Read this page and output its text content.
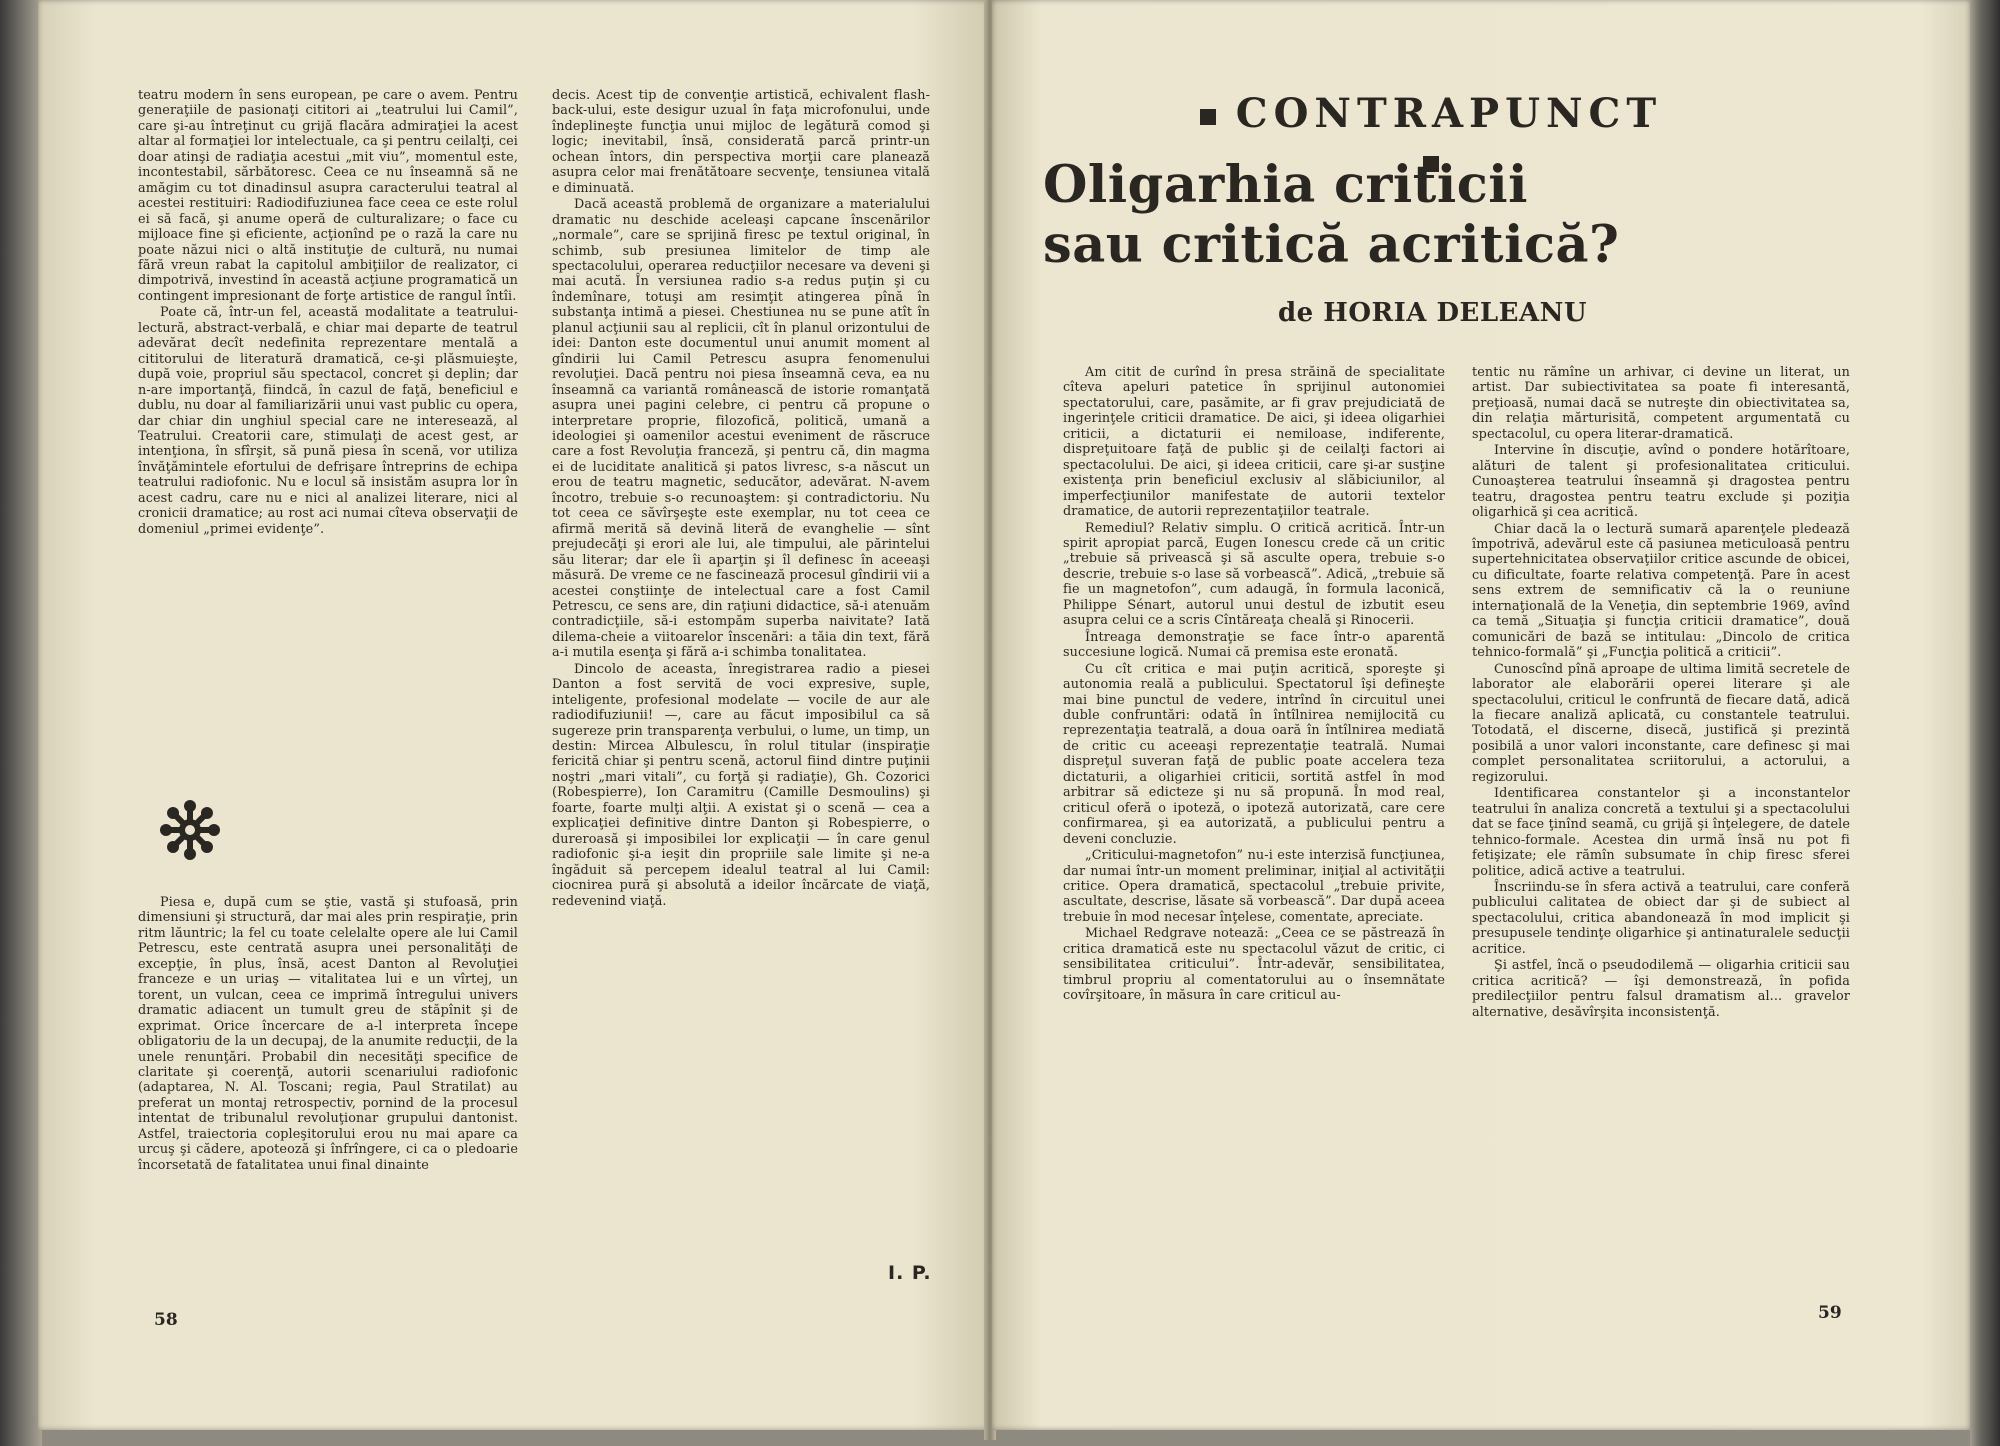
teatru modern în sens european, pe care o avem. Pentru generaţiile de pasionaţi cititori ai „teatrului lui Camil”, care şi-au întreţinut cu grijă flacăra admiraţiei la acest altar al formaţiei lor intelectuale, ca şi pentru ceilalţi, cei doar atinşi de radiaţia acestui „mit viu”, momentul este, incontestabil, sărbătoresc. Ceea ce nu înseamnă să ne amăgim cu tot dinadinsul asupra caracterului teatral al acestei restituiri: Radiodifuziunea face ceea ce este rolul ei să facă, şi anume operă de culturalizare; o face cu mijloace fine şi eficiente, acţionînd pe o rază la care nu poate năzui nici o altă instituţie de cultură, nu numai fără vreun rabat la capitolul ambiţiilor de realizator, ci dimpotrivă, investind în această acţiune programatică un contingent impresionant de forţe artistice de rangul întîi.

Poate că, într-un fel, această modalitate a teatrului-lectură, abstract-verbală, e chiar mai departe de teatrul adevărat decît nedefinita reprezentare mentală a cititorului de literatură dramatică, ce-şi plăsmuieşte, după voie, propriul său spectacol, concret şi deplin; dar n-are importanţă, fiindcă, în cazul de faţă, beneficiul e dublu, nu doar al familiarizării unui vast public cu opera, dar chiar din unghiul special care ne interesează, al Teatrului. Creatorii care, stimulaţi de acest gest, ar intenţiona, în sfîrşit, să pună piesa în scenă, vor utiliza învăţămintele efortului de defrişare întreprins de echipa teatrului radiofonic. Nu e locul să insistăm asupra lor în acest cadru, care nu e nici al analizei literare, nici al cronicii dramatice; au rost aci numai cîteva observaţii de domeniul „primei evidenţe”.

Piesa e, după cum se ştie, vastă şi stufoasă, prin dimensiuni şi structură, dar mai ales prin respiraţie, prin ritm lăuntric; la fel cu toate celelalte opere ale lui Camil Petrescu, este centrată asupra unei personalităţi de excepţie, în plus, însă, acest Danton al Revoluţiei franceze e un uriaş — vitalitatea lui e un vîrtej, un torent, un vulcan, ceea ce imprimă întregului univers dramatic adiacent un tumult greu de stăpînit şi de exprimat. Orice încercare de a-l interpreta începe obligatoriu de la un decupaj, de la anumite reducţii, de la unele renunţări. Probabil din necesităţi specifice de claritate şi coerenţă, autorii scenariului radiofonic (adaptarea, N. Al. Toscani; regia, Paul Stratilat) au preferat un montaj retrospectiv, pornind de la procesul intentat de tribunalul revoluţionar grupului dantonist. Astfel, traiectoria copleşitorului erou nu mai apare ca urcuş şi cădere, apoteoză şi înfrîngere, ci ca o pledoarie încorsetată de fatalitatea unui final dinainte

decis. Acest tip de convenţie artistică, echivalent flash-back-ului, este desigur uzual în faţa microfonului, unde îndeplineşte funcţia unui mijloc de legătură comod şi logic; inevitabil, însă, considerată parcă printr-un ochean întors, din perspectiva morţii care planează asupra celor mai frenătătoare secvenţe, tensiunea vitală e diminuată.

Dacă această problemă de organizare a materialului dramatic nu deschide aceleaşi capcane înscenărilor „normale”, care se sprijină firesc pe textul original, în schimb, sub presiunea limitelor de timp ale spectacolului, operarea reducţiilor necesare va deveni şi mai acută. În versiunea radio s-a redus puţin şi cu îndemînare, totuşi am resimţit atingerea pînă în substanţa intimă a piesei. Chestiunea nu se pune atît în planul acţiunii sau al replicii, cît în planul orizontului de idei: Danton este documentul unui anumit moment al gîndirii lui Camil Petrescu asupra fenomenului revoluţiei. Dacă pentru noi piesa înseamnă ceva, ea nu înseamnă ca variantă românească de istorie romanţată asupra unei pagini celebre, ci pentru că propune o interpretare proprie, filozofică, politică, umană a ideologiei şi oamenilor acestui eveniment de răscruce care a fost Revoluţia franceză, şi pentru că, din magma ei de luciditate analitică şi patos livresc, s-a născut un erou de teatru magnetic, seducător, adevărat. N-avem încotro, trebuie s-o recunoaştem: şi contradictoriu. Nu tot ceea ce săvîrşeşte este exemplar, nu tot ceea ce afirmă merită să devină literă de evanghelie — sînt prejudecăţi şi erori ale lui, ale timpului, ale părintelui său literar; dar ele îi aparţin şi îl definesc în aceeaşi măsură. De vreme ce ne fascinează procesul gîndirii vii a acestei conştiinţe de intelectual care a fost Camil Petrescu, ce sens are, din raţiuni didactice, să-i atenuăm contradicţiile, să-i estompăm superba naivitate? Iată dilema-cheie a viitoarelor înscenări: a tăia din text, fără a-i mutila esenţa şi fără a-i schimba tonalitatea.

Dincolo de aceasta, înregistrarea radio a piesei Danton a fost servită de voci expresive, suple, inteligente, profesional modelate — vocile de aur ale radiodifuziunii! —, care au făcut imposibilul ca să sugereze prin transparenţa verbului, o lume, un timp, un destin: Mircea Albulescu, în rolul titular (inspiraţie fericită chiar şi pentru scenă, actorul fiind dintre puţinii noştri „mari vitali”, cu forţă şi radiaţie), Gh. Cozorici (Robespierre), Ion Caramitru (Camille Desmoulins) şi foarte, foarte mulţi alţii. A existat şi o scenă — cea a explicaţiei definitive dintre Danton şi Robespierre, o dureroasă şi imposibilei lor explicaţii — în care genul radiofonic şi-a ieşit din propriile sale limite şi ne-a îngăduit să percepem idealul teatral al lui Camil: ciocnirea pură şi absolută a ideilor încărcate de viaţă, redevenind viaţă.

I. P.
58
CONTRAPUNCT
Oligarhia criticii sau critică acritică?
de HORIA DELEANU

Am citit de curînd în presa străină de specialitate cîteva apeluri patetice în sprijinul autonomiei spectatorului, care, pasămite, ar fi grav prejudiciată de ingerinţele criticii dramatice. De aici, şi ideea oligarhiei criticii, a dictaturii ei nemiloase, indiferente, dispreţuitoare faţă de public şi de ceilalţi factori ai spectacolului. De aici, şi ideea criticii, care şi-ar susţine existenţa prin beneficiul exclusiv al slăbiciunilor, al imperfecţiunilor manifestate de autorii textelor dramatice, de autorii reprezentaţiilor teatrale.

Remediul? Relativ simplu. O critică acritică. Într-un spirit apropiat parcă, Eugen Ionescu crede că un critic „trebuie să privească şi să asculte opera, trebuie s-o descrie, trebuie s-o lase să vorbească”. Adică, „trebuie să fie un magnetofon”, cum adaugă, în formula laconică, Philippe Sénart, autorul unui destul de izbutit eseu asupra celui ce a scris Cîntăreaţa cheală şi Rinocerii.

Întreaga demonstraţie se face într-o aparentă succesiune logică. Numai că premisa este eronată.

Cu cît critica e mai puţin acritică, sporeşte şi autonomia reală a publicului. Spectatorul îşi defineşte mai bine punctul de vedere, intrînd în circuitul unei duble confruntări: odată în întîlnirea nemijlocită cu reprezentaţia teatrală, a doua oară în întîlnirea mediată de critic cu aceeaşi reprezentaţie teatrală. Numai dispreţul suveran faţă de public poate accelera teza dictaturii, a oligarhiei criticii, sortită astfel în mod arbitrar să edicteze şi nu să propună. În mod real, criticul oferă o ipoteză, o ipoteză autorizată, care cere confirmarea, şi ea autorizată, a publicului pentru a deveni concluzie.

„Criticului-magnetofon” nu-i este interzisă funcţiunea, dar numai într-un moment preliminar, iniţial al activităţii critice. Opera dramatică, spectacolul „trebuie privite, ascultate, descrise, lăsate să vorbească”. Dar după aceea trebuie în mod necesar înţelese, comentate, apreciate.

Michael Redgrave notează: „Ceea ce se păstrează în critica dramatică este nu spectacolul văzut de critic, ci sensibilitatea criticului”. Într-adevăr, sensibilitatea, timbrul propriu al comentatorului au o însemnătate covîrşitoare, în măsura în care criticul au-

tentic nu rămîne un arhivar, ci devine un literat, un artist. Dar subiectivitatea sa poate fi interesantă, preţioasă, numai dacă se nutreşte din obiectivitatea sa, din relaţia mărturisită, competent argumentată cu spectacolul, cu opera literar-dramatică.

Intervine în discuţie, avînd o pondere hotărîtoare, alături de talent şi profesionalitatea criticului. Cunoaşterea teatrului înseamnă şi dragostea pentru teatru, dragostea pentru teatru exclude şi poziţia oligarhică şi cea acritică.

Chiar dacă la o lectură sumară aparenţele pledează împotrivă, adevărul este că pasiunea meticuloasă pentru supertehnicitatea observaţiilor critice ascunde de obicei, cu dificultate, foarte relativa competenţă. Pare în acest sens extrem de semnificativ că la o reuniune internaţională de la Veneţia, din septembrie 1969, avînd ca temă „Situaţia şi funcţia criticii dramatice”, două comunicări de bază se intitulau: „Dincolo de critica tehnico-formală” şi „Funcţia politică a criticii”.

Cunoscînd pînă aproape de ultima limită secretele de laborator ale elaborării operei literare şi ale spectacolului, criticul le confruntă de fiecare dată, adică la fiecare analiză aplicată, cu constantele teatrului. Totodată, el discerne, disecă, justifică şi prezintă posibilă a unor valori inconstante, care definesc şi mai complet personalitatea scriitorului, a actorului, a regizorului.

Identificarea constantelor şi a inconstantelor teatrului în analiza concretă a textului şi a spectacolului dat se face ţinînd seamă, cu grijă şi înţelegere, de datele tehnico-formale. Acestea din urmă însă nu pot fi fetişizate; ele rămîn subsumate în chip firesc sferei politice, adică active a teatrului.

Înscriindu-se în sfera activă a teatrului, care conferă publicului calitatea de obiect dar şi de subiect al spectacolului, critica abandonează în mod implicit şi presupusele tendinţe oligarhice şi antinaturalele seducţii acritice.

Şi astfel, încă o pseudodilemă — oligarhia criticii sau critica acritică? — îşi demonstrează, în pofida predilecţiilor pentru falsul dramatism al... gravelor alternative, desăvîrşita inconsistenţă.

59
